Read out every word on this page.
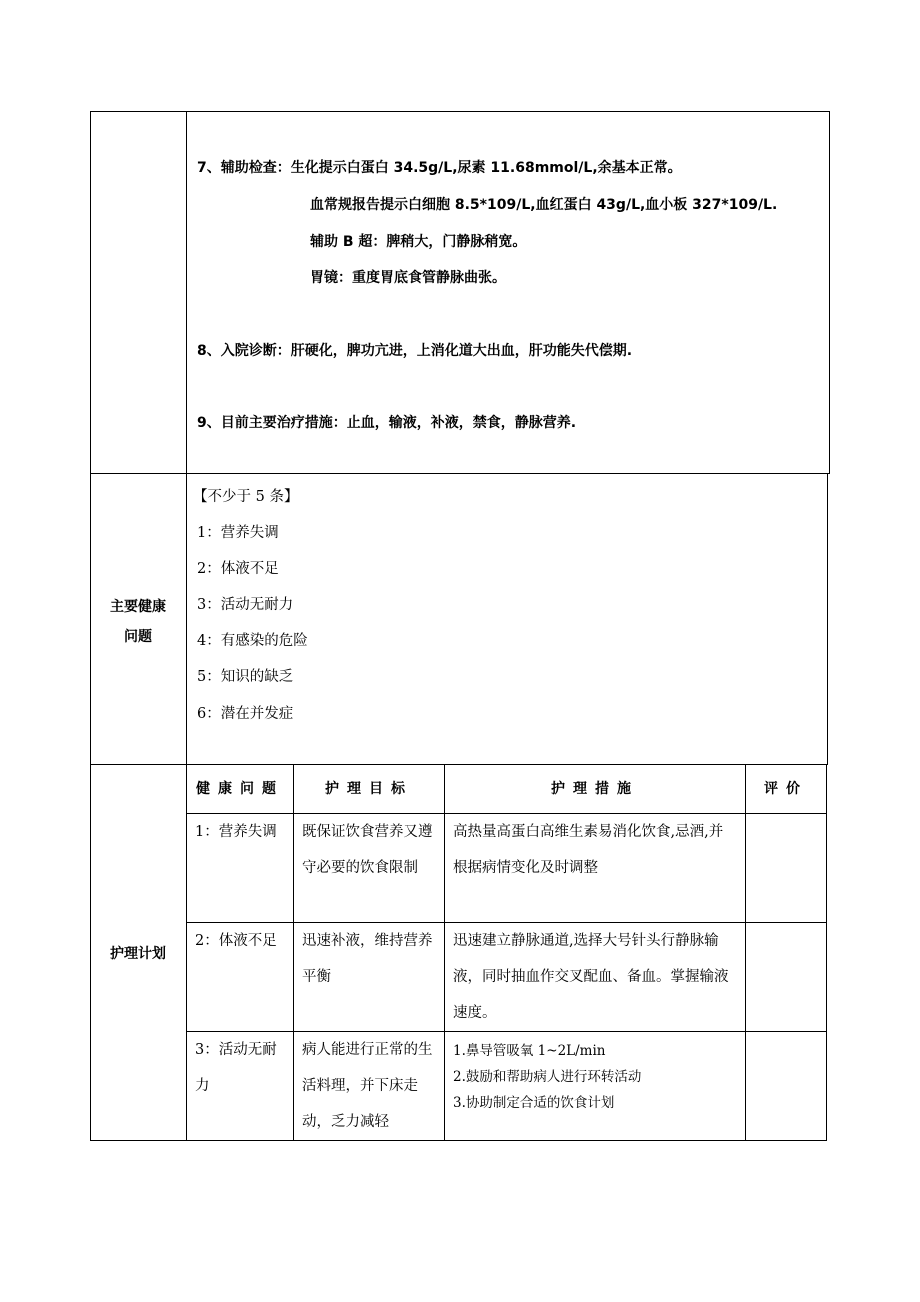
7、辅助检查：生化提示白蛋白 34.5g/L,尿素 11.68mmol/L,余基本正常。
血常规报告提示白细胞 8.5*109/L,血红蛋白 43g/L,血小板 327*109/L.
辅助 B 超：脾稍大，门静脉稍宽。
胃镜：重度胃底食管静脉曲张。
8、入院诊断：肝硬化，脾功亢进，上消化道大出血，肝功能失代偿期.
9、目前主要治疗措施：止血，输液，补液，禁食，静脉营养.
主要健康
问题
【不少于 5 条】
1：营养失调
2：体液不足
3：活动无耐力
4：有感染的危险
5：知识的缺乏
6：潜在并发症
护理计划
健康问题	护理目标	护理措施	评价
1：营养失调	既保证饮食营养又遵守必要的饮食限制	高热量高蛋白高维生素易消化饮食,忌酒,并根据病情变化及时调整	
2：体液不足	迅速补液，维持营养平衡	迅速建立静脉通道,选择大号针头行静脉输液，同时抽血作交叉配血、备血。掌握输液速度。	
3：活动无耐力	病人能进行正常的生活料理，并下床走动，乏力减轻	1.鼻导管吸氧 1~2L/min
2.鼓励和帮助病人进行环转活动
3.协助制定合适的饮食计划	
